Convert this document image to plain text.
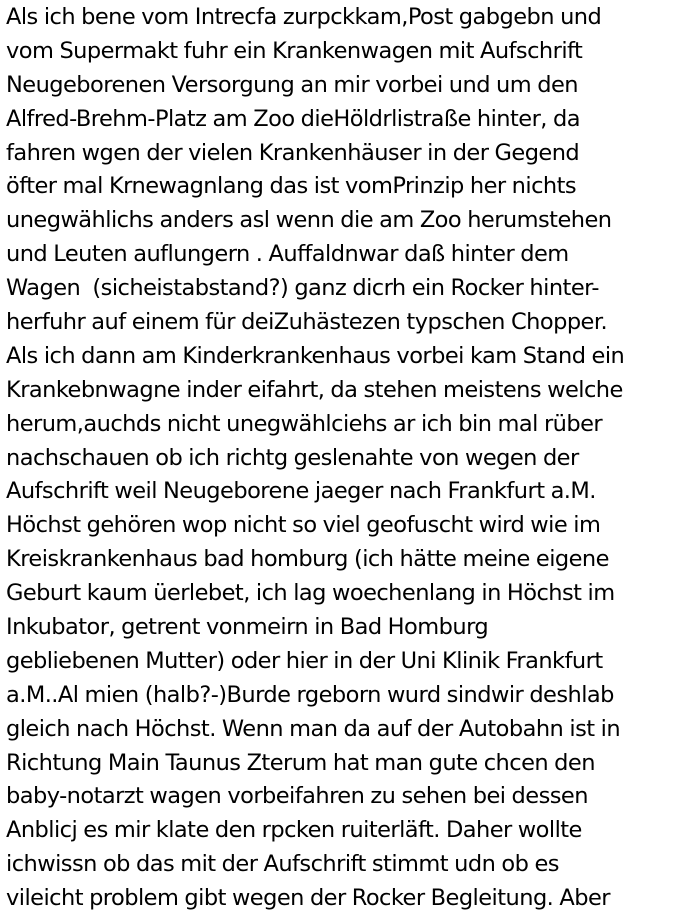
Als ich bene vom Intrecfa zurpckkam,Post gabgebn und
vom Supermakt fuhr ein Krankenwagen mit Aufschrift
Neugeborenen Versorgung an mir vorbei und um den
Alfred-Brehm-Platz am Zoo dieHöldrlistraße hinter, da
fahren wgen der vielen Krankenhäuser in der Gegend
öfter mal Krnewagnlang das ist vomPrinzip her nichts
unegwählichs anders asl wenn die am Zoo herumstehen
und Leuten auflungern . Auffaldnwar daß hinter dem
Wagen  (sicheistabstand?) ganz dicrh ein Rocker hinter-
herfuhr auf einem für deiZuhästezen typschen Chopper.
Als ich dann am Kinderkrankenhaus vorbei kam Stand ein
Krankebnwagne inder eifahrt, da stehen meistens welche
herum,auchds nicht unegwählciehs ar ich bin mal rüber
nachschauen ob ich richtg geslenahte von wegen der
Aufschrift weil Neugeborene jaeger nach Frankfurt a.M.
Höchst gehören wop nicht so viel geofuscht wird wie im
Kreiskrankenhaus bad homburg (ich hätte meine eigene
Geburt kaum üerlebet, ich lag woechenlang in Höchst im
Inkubator, getrent vonmeirn in Bad Homburg
gebliebenen Mutter) oder hier in der Uni Klinik Frankfurt
a.M..Al mien (halb?-)Burde rgeborn wurd sindwir deshlab
gleich nach Höchst. Wenn man da auf der Autobahn ist in
Richtung Main Taunus Zterum hat man gute chcen den
baby-notarzt wagen vorbeifahren zu sehen bei dessen
Anblicj es mir klate den rpcken ruiterläft. Daher wollte
ichwissn ob das mit der Aufschrift stimmt udn ob es
vileicht problem gibt wegen der Rocker Begleitung. Aber
